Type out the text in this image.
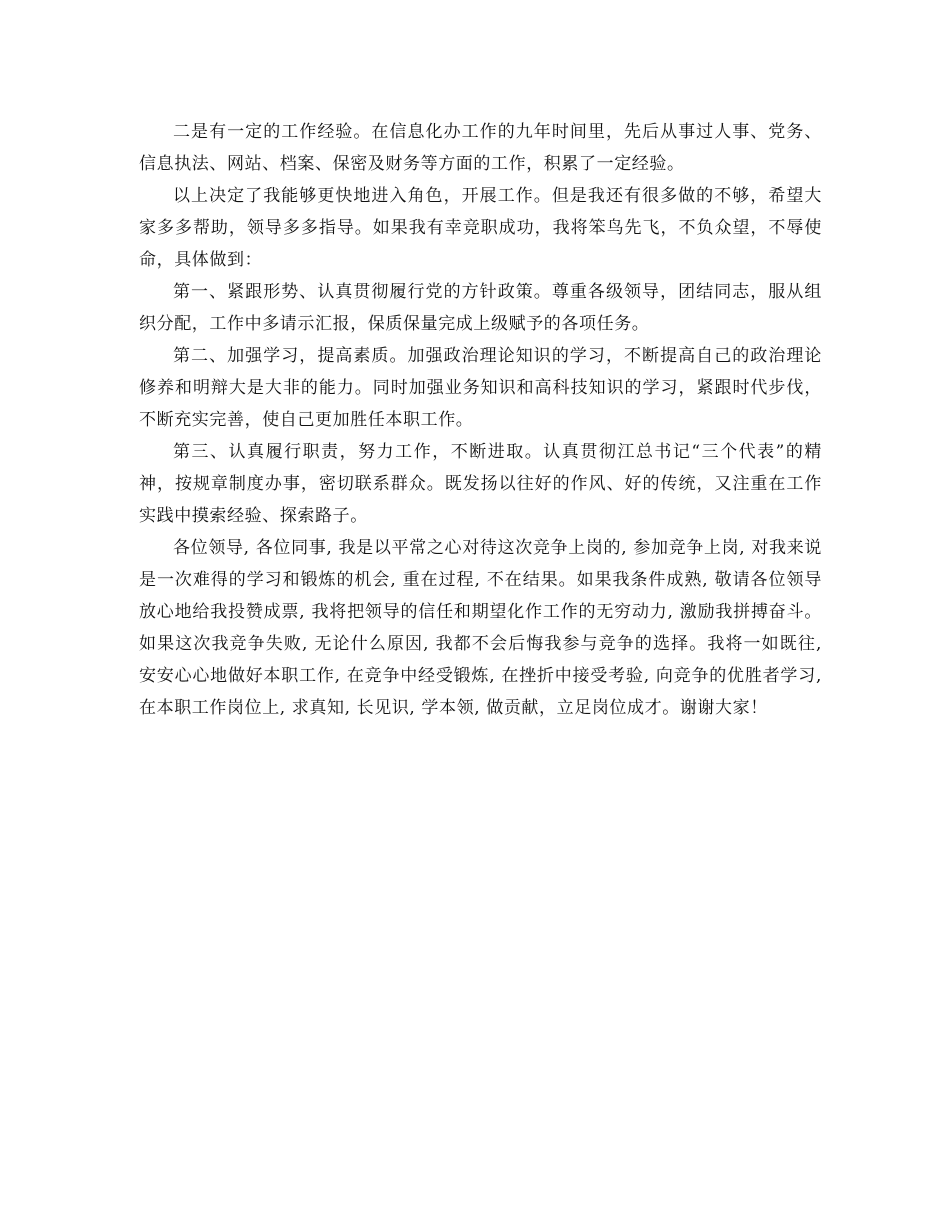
二是有一定的工作经验。在信息化办工作的九年时间里，先后从事过人事、党务、信息执法、网站、档案、保密及财务等方面的工作，积累了一定经验。

以上决定了我能够更快地进入角色，开展工作。但是我还有很多做的不够，希望大家多多帮助，领导多多指导。如果我有幸竞职成功，我将笨鸟先飞，不负众望，不辱使命，具体做到：

第一、紧跟形势、认真贯彻履行党的方针政策。尊重各级领导，团结同志，服从组织分配，工作中多请示汇报，保质保量完成上级赋予的各项任务。

第二、加强学习，提高素质。加强政治理论知识的学习，不断提高自己的政治理论修养和明辩大是大非的能力。同时加强业务知识和高科技知识的学习，紧跟时代步伐，不断充实完善，使自己更加胜任本职工作。

第三、认真履行职责，努力工作，不断进取。认真贯彻江总书记“三个代表”的精神，按规章制度办事，密切联系群众。既发扬以往好的作风、好的传统，又注重在工作实践中摸索经验、探索路子。

各位领导, 各位同事, 我是以平常之心对待这次竞争上岗的, 参加竞争上岗, 对我来说是一次难得的学习和锻炼的机会, 重在过程, 不在结果。如果我条件成熟, 敬请各位领导放心地给我投赞成票, 我将把领导的信任和期望化作工作的无穷动力, 激励我拼搏奋斗。如果这次我竞争失败, 无论什么原因, 我都不会后悔我参与竞争的选择。我将一如既往, 安安心心地做好本职工作, 在竞争中经受锻炼, 在挫折中接受考验, 向竞争的优胜者学习, 在本职工作岗位上, 求真知, 长见识, 学本领, 做贡献，立足岗位成才。谢谢大家！
